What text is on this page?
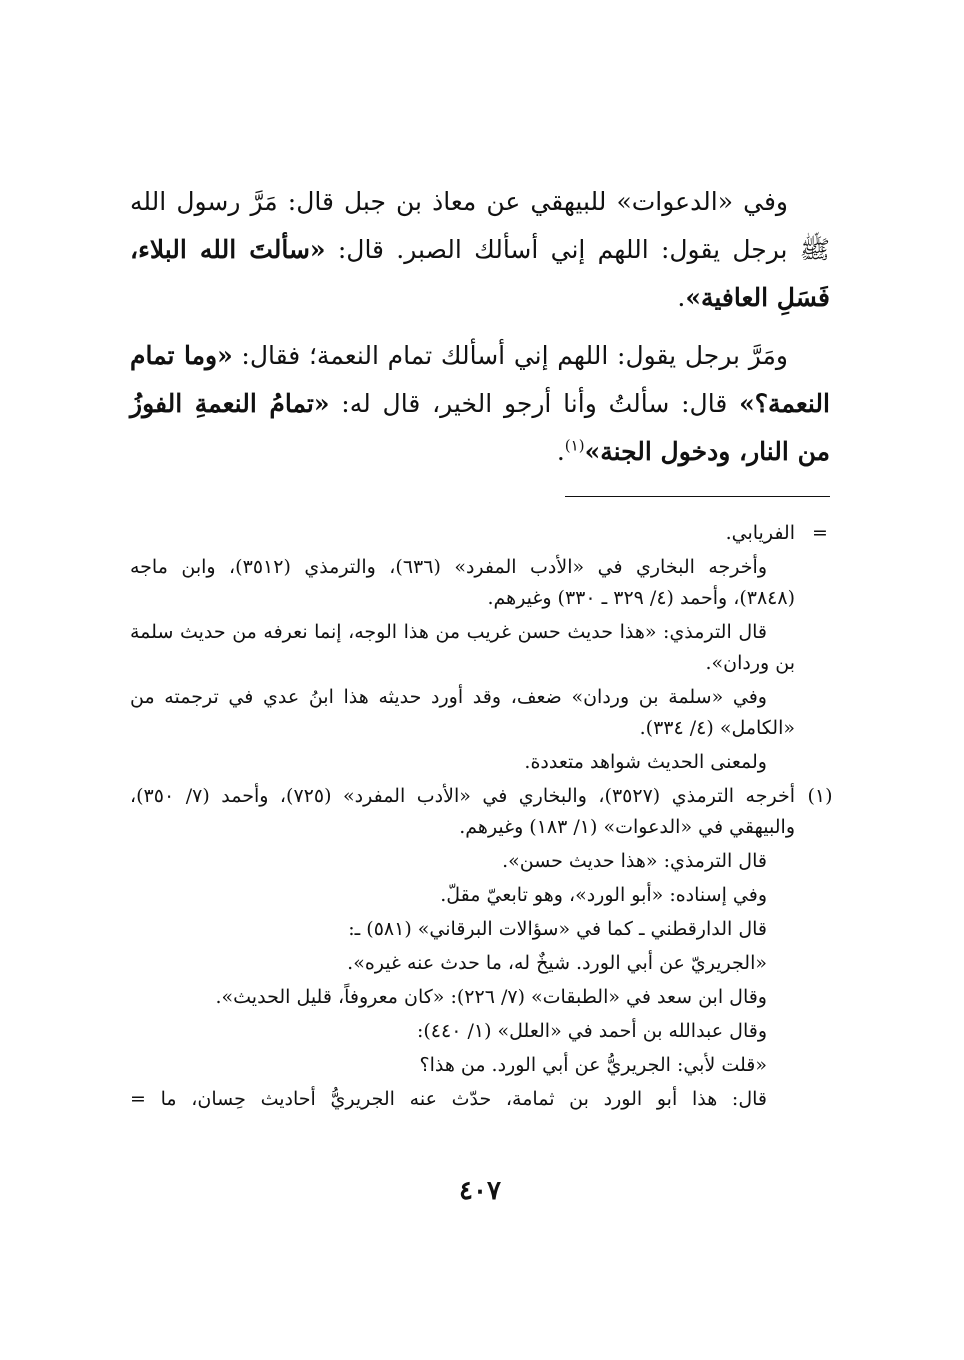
وفي «الدعوات» للبيهقي عن معاذ بن جبل قال: مَرَّ رسول الله ﷺ برجل يقول: اللهم إني أسألك الصبر. قال: «سألتَ الله البلاء، فَسَلِ العافية».

ومَرَّ برجل يقول: اللهم إني أسألك تمام النعمة؛ فقال: «وما تمام النعمة؟» قال: سألتُ وأنا أرجو الخير، قال له: «تمامُ النعمةِ الفوزُ من النار، ودخول الجنة»$^{(١)}$.

=

الفريابي.

وأخرجه البخاري في «الأدب المفرد» (٦٣٦)، والترمذي (٣٥١٢)، وابن ماجه (٣٨٤٨)، وأحمد (٤/ ٣٢٩ ـ ٣٣٠) وغيرهم.

قال الترمذي: «هذا حديث حسن غريب من هذا الوجه، إنما نعرفه من حديث سلمة بن وردان».

وفي «سلمة بن وردان» ضعف، وقد أورد حديثه هذا ابنُ عدي في ترجمته من «الكامل» (٤/ ٣٣٤).

ولمعنى الحديث شواهد متعددة.

(١)

أخرجه الترمذي (٣٥٢٧)، والبخاري في «الأدب المفرد» (٧٢٥)، وأحمد (٧/ ٣٥٠)، والبيهقي في «الدعوات» (١/ ١٨٣) وغيرهم.

قال الترمذي: «هذا حديث حسن».

وفي إسناده: «أبو الورد»، وهو تابعيّ مقلّ.

قال الدارقطني ـ كما في «سؤالات البرقاني» (٥٨١) ـ:

«الجريريّ عن أبي الورد. شيخٌ له، ما حدث عنه غيره».

وقال ابن سعد في «الطبقات» (٧/ ٢٢٦): «كان معروفاً، قليل الحديث».

وقال عبدالله بن أحمد في «العلل» (١/ ٤٤٠):

«قلت لأبي: الجريريُّ عن أبي الورد. من هذا؟

قال: هذا أبو الورد بن ثمامة، حدّث عنه الجريريُّ أحاديث حِسان، ما =

٤٠٧
